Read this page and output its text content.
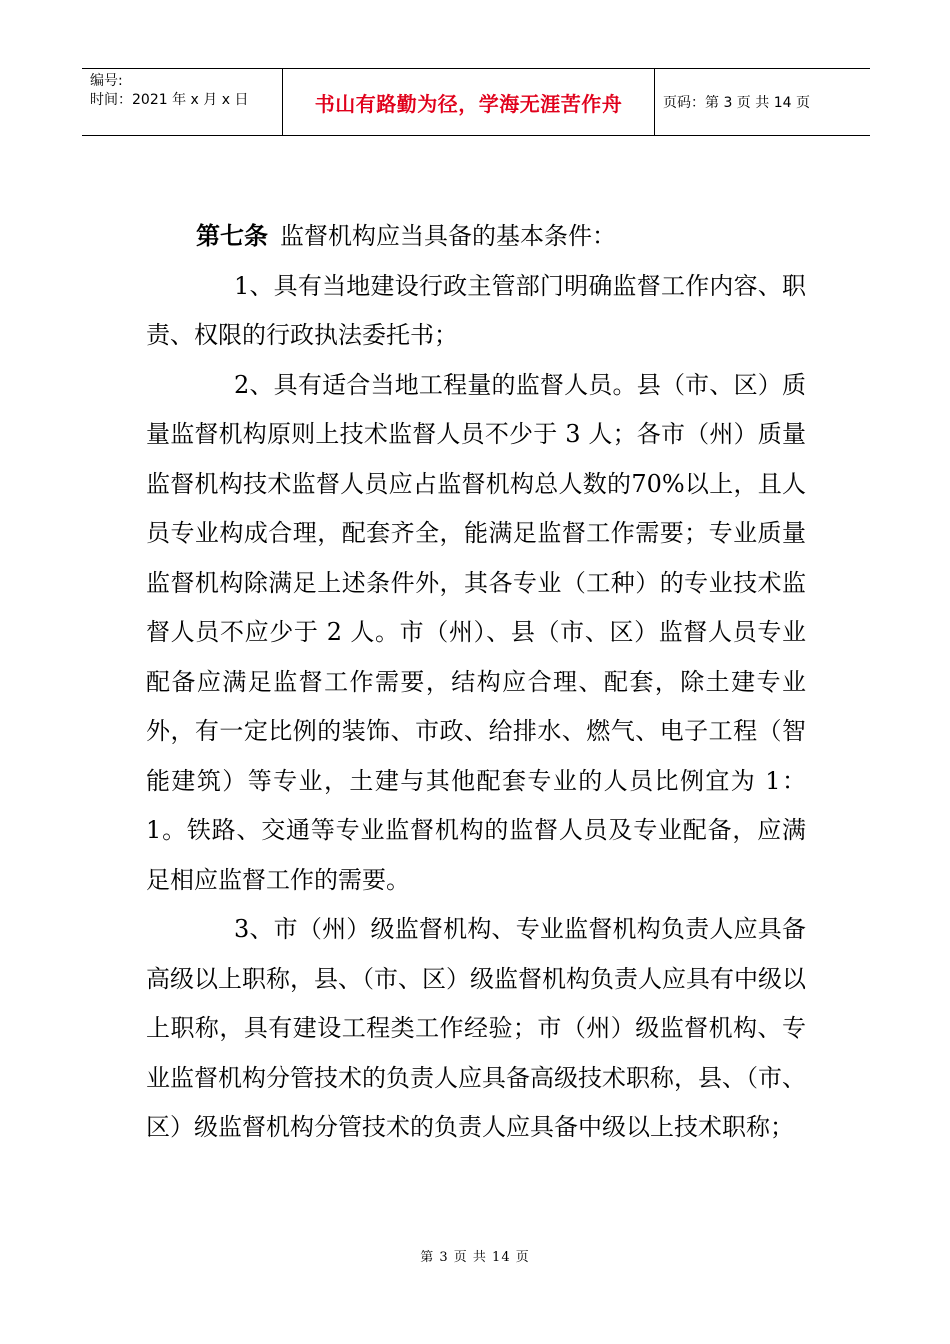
编号:
时间：2021 年 x 月 x 日	书山有路勤为径，学海无涯苦作舟	页码：第 3 页 共 14 页

第七条 监督机构应当具备的基本条件：

1、具有当地建设行政主管部门明确监督工作内容、职责、权限的行政执法委托书；

2、具有适合当地工程量的监督人员。县（市、区）质量监督机构原则上技术监督人员不少于 3 人；各市（州）质量监督机构技术监督人员应占监督机构总人数的70%以上，且人员专业构成合理，配套齐全，能满足监督工作需要；专业质量监督机构除满足上述条件外，其各专业（工种）的专业技术监督人员不应少于 2 人。市（州）、县（市、区）监督人员专业配备应满足监督工作需要，结构应合理、配套，除土建专业外，有一定比例的装饰、市政、给排水、燃气、电子工程（智能建筑）等专业，土建与其他配套专业的人员比例宜为 1：1。铁路、交通等专业监督机构的监督人员及专业配备，应满足相应监督工作的需要。

3、市（州）级监督机构、专业监督机构负责人应具备高级以上职称，县、（市、区）级监督机构负责人应具有中级以上职称，具有建设工程类工作经验；市（州）级监督机构、专业监督机构分管技术的负责人应具备高级技术职称，县、（市、区）级监督机构分管技术的负责人应具备中级以上技术职称；

第 3 页 共 14 页
